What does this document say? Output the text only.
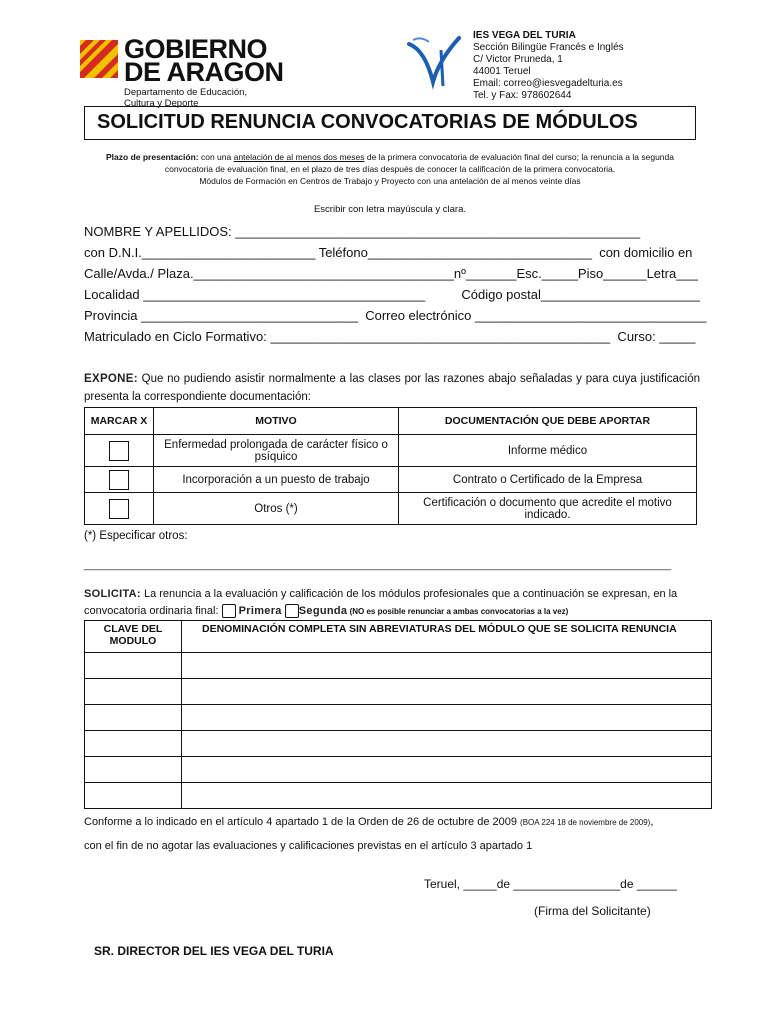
GOBIERNO
DE ARAGON
Departamento de Educación,
Cultura y Deporte
IES VEGA DEL TURIA
Sección Bilingüe Francés e Inglés
C/ Victor Pruneda, 1
44001 Teruel
Email: correo@iesvegadelturia.es
Tel. y Fax: 978602644
SOLICITUD RENUNCIA CONVOCATORIAS DE MÓDULOS
Plazo de presentación: con una antelación de al menos dos meses de la primera convocatoria de evaluación final del curso; la renuncia a la segunda convocatoria de evaluación final, en el plazo de tres días después de conocer la calificación de la primera convocatoria.
Módulos de Formación en Centros de Trabajo y Proyecto con una antelación de al menos veinte días
Escribir con letra mayúscula y clara.
NOMBRE Y APELLIDOS: ________________________________________________________
con D.N.I.________________________ Teléfono_______________________________  con domicilio en
Calle/Avda./ Plaza.____________________________________nº_______Esc._____Piso______Letra___
Localidad _______________________________________          Código postal______________________
Provincia ______________________________  Correo electrónico ________________________________
Matriculado en Ciclo Formativo: _______________________________________________  Curso: _____
EXPONE: Que no pudiendo asistir normalmente a las clases por las razones abajo señaladas y para cuya justificación presenta la correspondiente documentación:
MARCAR X	MOTIVO	DOCUMENTACIÓN QUE DEBE APORTAR
	Enfermedad prolongada de carácter físico o psíquico	Informe médico
	Incorporación a un puesto de trabajo	Contrato o Certificado de la Empresa
	Otros (*)	Certificación o documento que acredite el motivo indicado.
(*) Especificar otros:
________________________________________________________________________________________________
SOLICITA: La renuncia a la evaluación y calificación de los módulos profesionales que a continuación se expresan, en la convocatoria ordinaria final:  Primera Segunda (NO es posible renunciar a ambas convocatorias a la vez)
CLAVE DEL MODULO	DENOMINACIÓN COMPLETA SIN ABREVIATURAS DEL MÓDULO QUE SE SOLICITA RENUNCIA

Conforme a lo indicado en el artículo 4 apartado 1 de la Orden de 26 de octubre de 2009 (BOA 224 18 de noviembre de 2009),
con el fin de no agotar las evaluaciones y calificaciones previstas en el artículo 3 apartado 1
Teruel, _____de ________________de ______
(Firma del Solicitante)
SR. DIRECTOR DEL IES VEGA DEL TURIA
